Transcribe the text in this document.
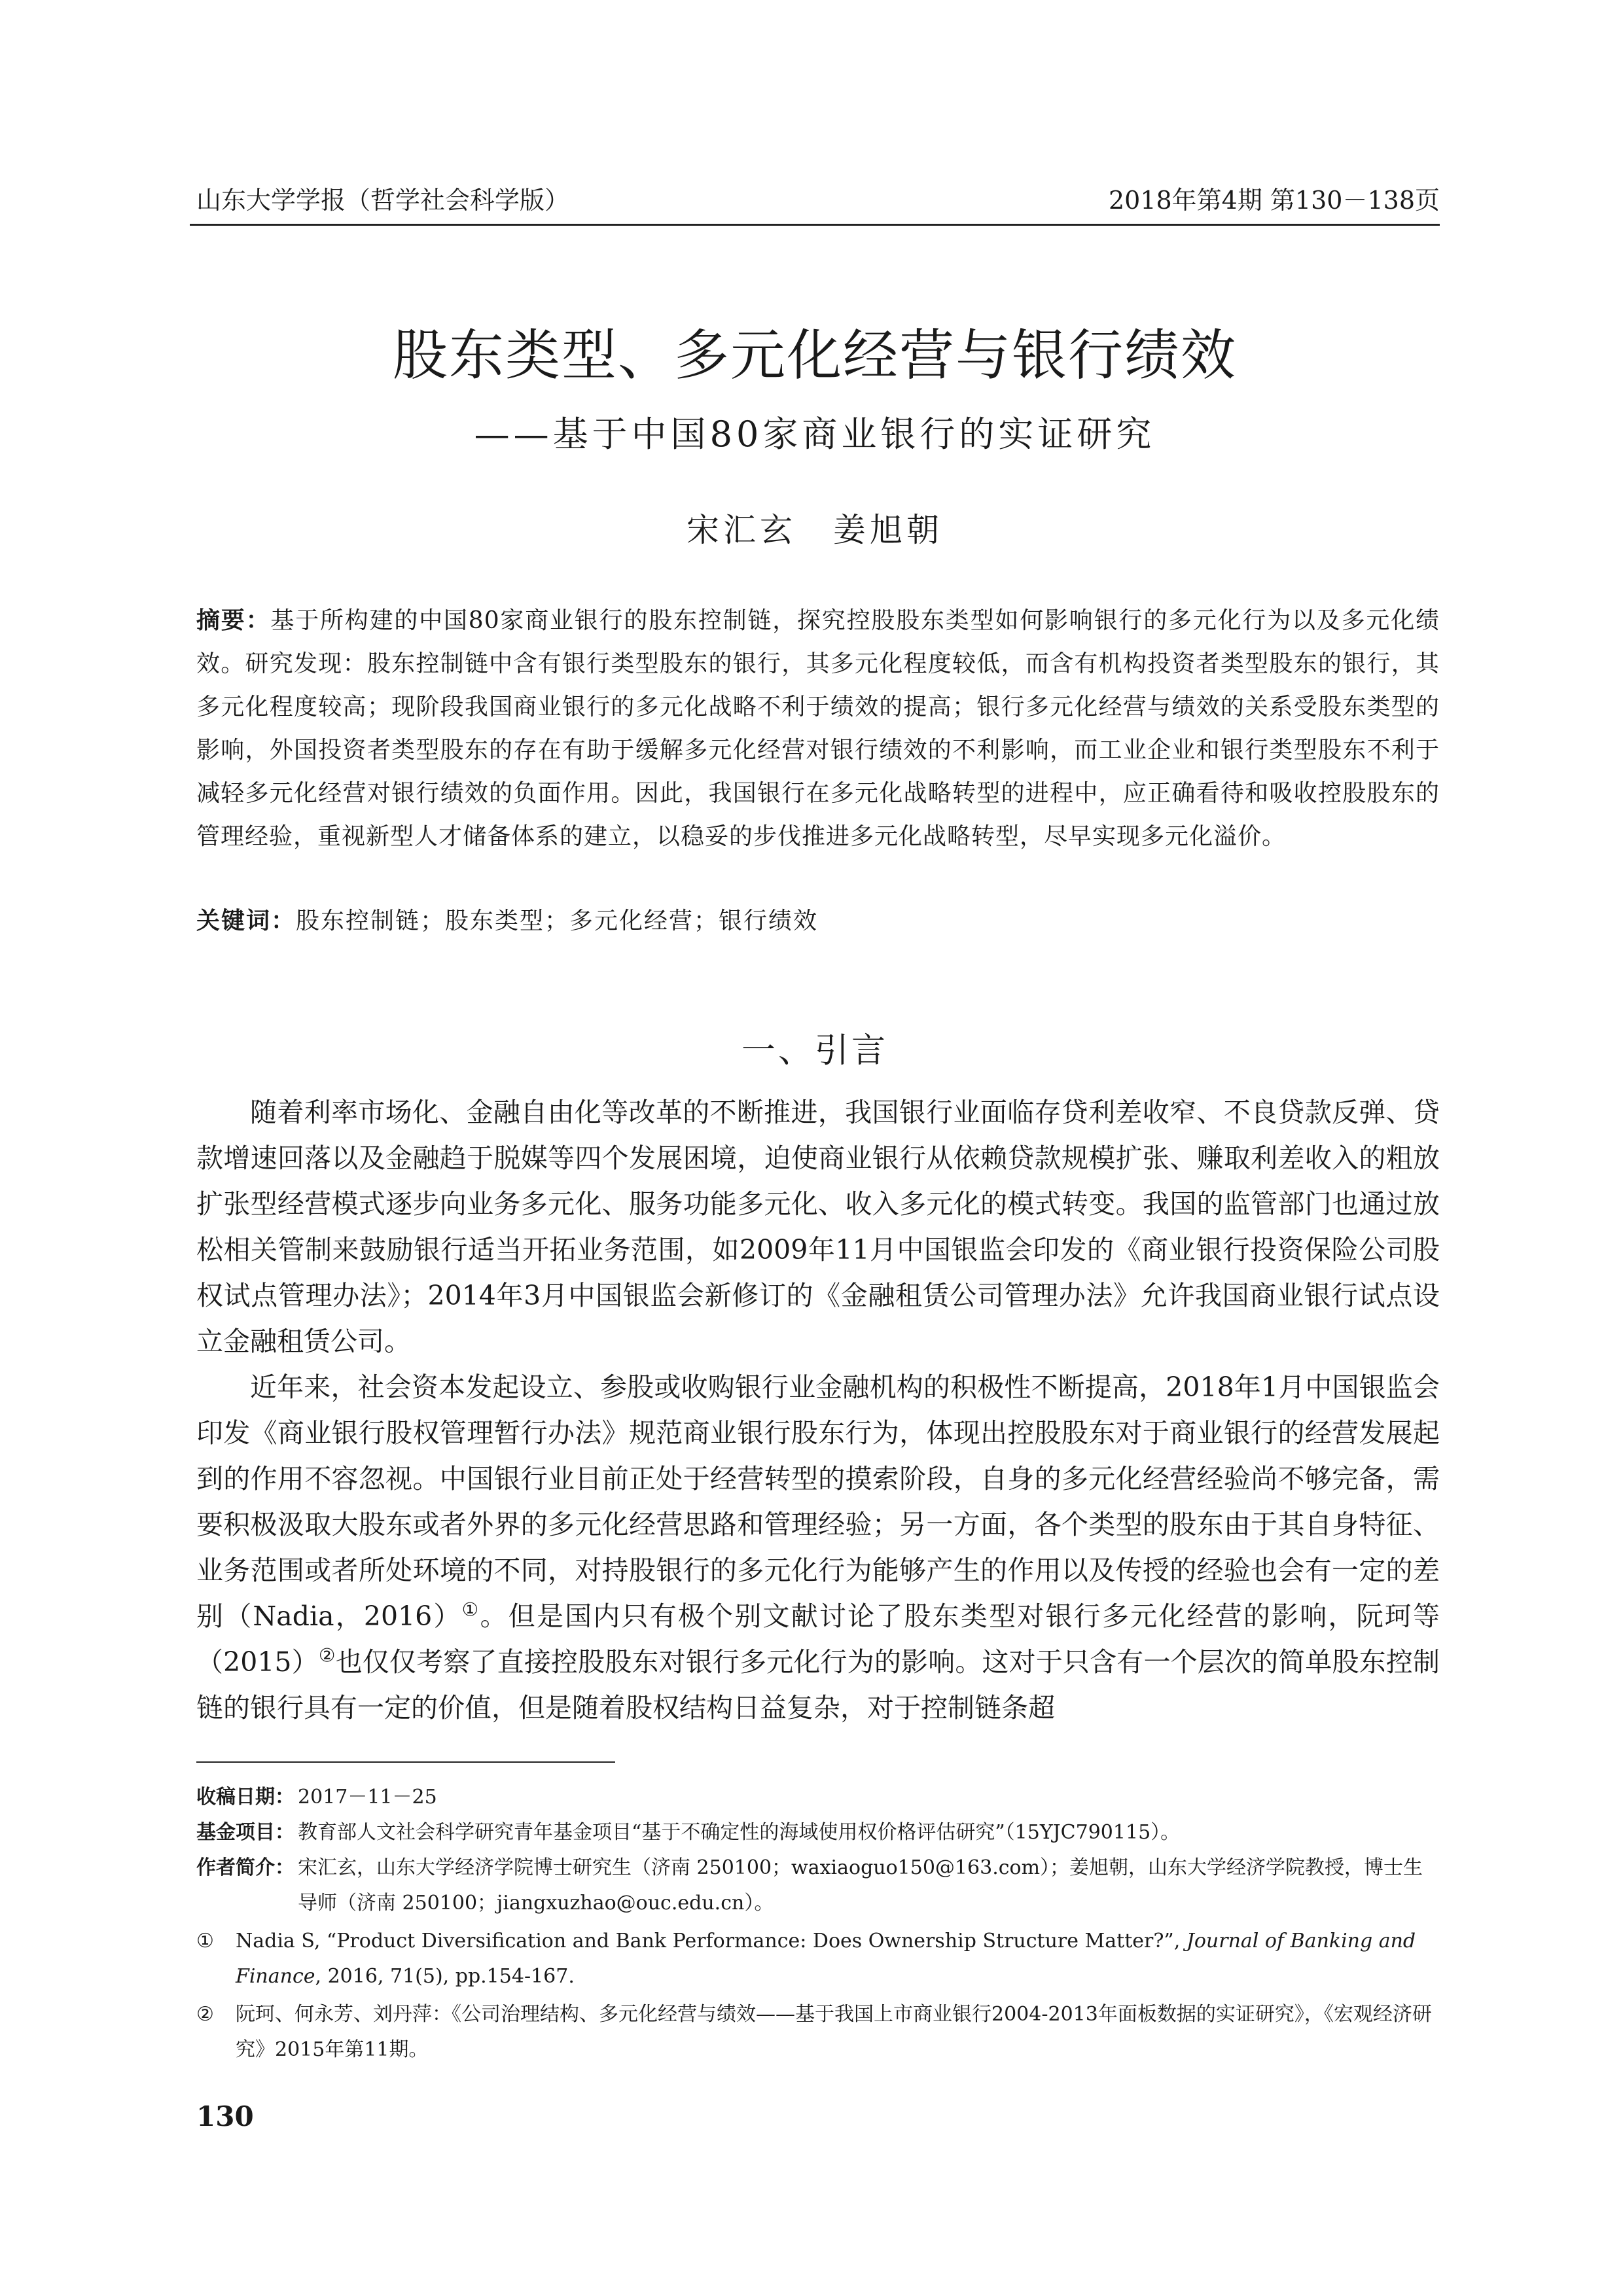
山东大学学报（哲学社会科学版）	2018年第4期 第130－138页
股东类型、多元化经营与银行绩效
——基于中国80家商业银行的实证研究
宋汇玄　姜旭朝
摘要：基于所构建的中国80家商业银行的股东控制链，探究控股股东类型如何影响银行的多元化行为以及多元化绩效。研究发现：股东控制链中含有银行类型股东的银行，其多元化程度较低，而含有机构投资者类型股东的银行，其多元化程度较高；现阶段我国商业银行的多元化战略不利于绩效的提高；银行多元化经营与绩效的关系受股东类型的影响，外国投资者类型股东的存在有助于缓解多元化经营对银行绩效的不利影响，而工业企业和银行类型股东不利于减轻多元化经营对银行绩效的负面作用。因此，我国银行在多元化战略转型的进程中，应正确看待和吸收控股股东的管理经验，重视新型人才储备体系的建立，以稳妥的步伐推进多元化战略转型，尽早实现多元化溢价。
关键词：股东控制链；股东类型；多元化经营；银行绩效
一、引言

随着利率市场化、金融自由化等改革的不断推进，我国银行业面临存贷利差收窄、不良贷款反弹、贷款增速回落以及金融趋于脱媒等四个发展困境，迫使商业银行从依赖贷款规模扩张、赚取利差收入的粗放扩张型经营模式逐步向业务多元化、服务功能多元化、收入多元化的模式转变。我国的监管部门也通过放松相关管制来鼓励银行适当开拓业务范围，如2009年11月中国银监会印发的《商业银行投资保险公司股权试点管理办法》；2014年3月中国银监会新修订的《金融租赁公司管理办法》允许我国商业银行试点设立金融租赁公司。

近年来，社会资本发起设立、参股或收购银行业金融机构的积极性不断提高，2018年1月中国银监会印发《商业银行股权管理暂行办法》规范商业银行股东行为，体现出控股股东对于商业银行的经营发展起到的作用不容忽视。中国银行业目前正处于经营转型的摸索阶段，自身的多元化经营经验尚不够完备，需要积极汲取大股东或者外界的多元化经营思路和管理经验；另一方面，各个类型的股东由于其自身特征、业务范围或者所处环境的不同，对持股银行的多元化行为能够产生的作用以及传授的经验也会有一定的差别（Nadia，2016）①。但是国内只有极个别文献讨论了股东类型对银行多元化经营的影响，阮珂等（2015）②也仅仅考察了直接控股股东对银行多元化行为的影响。这对于只含有一个层次的简单股东控制链的银行具有一定的价值，但是随着股权结构日益复杂，对于控制链条超

收稿日期： 2017－11－25
基金项目： 教育部人文社会科学研究青年基金项目“基于不确定性的海域使用权价格评估研究”（15YJC790115）。
作者简介： 宋汇玄，山东大学经济学院博士研究生（济南 250100；waxiaoguo150@163.com）；姜旭朝，山东大学经济学院教授，博士生导师（济南 250100；jiangxuzhao@ouc.edu.cn）。
① Nadia S, “Product Diversification and Bank Performance: Does Ownership Structure Matter?”, Journal of Banking and Finance, 2016, 71(5), pp.154-167.
② 阮珂、何永芳、刘丹萍：《公司治理结构、多元化经营与绩效——基于我国上市商业银行2004-2013年面板数据的实证研究》，《宏观经济研究》2015年第11期。
130
